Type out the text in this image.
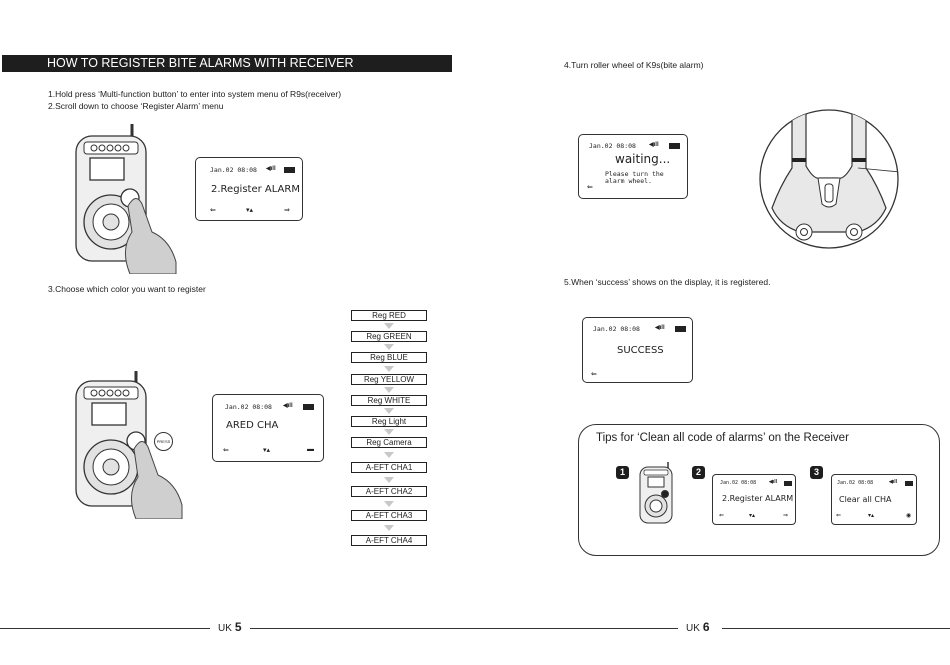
HOW TO REGISTER BITE ALARMS WITH RECEIVER
1.Hold press ‘Multi-function button’ to enter into system menu of R9s(receiver)
2.Scroll down to choose ‘Register Alarm’ menu
Jan.02 08:08 ◀ıll
2.Register ALARM
⇐	▾▴	⇒
3.Choose which color you want to register
PRESS
Jan.02 08:08 ◀ıll
ARED CHA
⇐	▾▴	▬
Reg RED
Reg GREEN
Reg BLUE
Reg YELLOW
Reg WHITE
Reg Light
Reg Camera
A-EFT CHA1
A-EFT CHA2
A-EFT CHA3
A-EFT CHA4
UK 5
4.Turn roller wheel of K9s(bite alarm)
Jan.02 08:08 ◀ıll
waiting...
Please turn the
alarm wheel.
⇐
5.When ‘success’ shows on the display, it is registered.
Jan.02 08:08	◀ıll
SUCCESS
⇐
Tips for ‘Clean all code of alarms’ on the Receiver
1	2
Jan.02 08:08	◀ıll
2.Register ALARM
⇐	▾▴	⇒
3
Jan.02 08:08	◀ıll
Clear all CHA
⇐	▾▴	◉
UK 6
